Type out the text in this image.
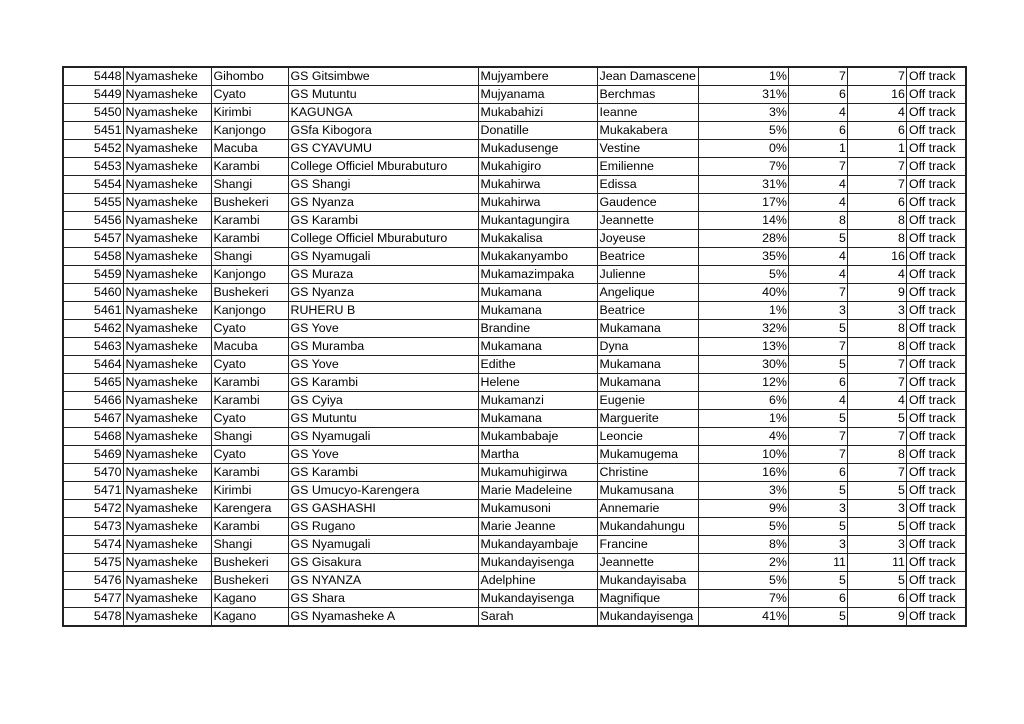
5448	Nyamasheke	Gihombo	GS Gitsimbwe	Mujyambere	Jean Damascene	1%	7	7	Off track
5449	Nyamasheke	Cyato	GS Mutuntu	Mujyanama	Berchmas	31%	6	16	Off track
5450	Nyamasheke	Kirimbi	KAGUNGA	Mukabahizi	Ieanne	3%	4	4	Off track
5451	Nyamasheke	Kanjongo	GSfa Kibogora	Donatille	Mukakabera	5%	6	6	Off track
5452	Nyamasheke	Macuba	GS CYAVUMU	Mukadusenge	Vestine	0%	1	1	Off track
5453	Nyamasheke	Karambi	College Officiel Mburabuturo	Mukahigiro	Emilienne	7%	7	7	Off track
5454	Nyamasheke	Shangi	GS Shangi	Mukahirwa	Edissa	31%	4	7	Off track
5455	Nyamasheke	Bushekeri	GS Nyanza	Mukahirwa	Gaudence	17%	4	6	Off track
5456	Nyamasheke	Karambi	GS Karambi	Mukantagungira	Jeannette	14%	8	8	Off track
5457	Nyamasheke	Karambi	College Officiel Mburabuturo	Mukakalisa	Joyeuse	28%	5	8	Off track
5458	Nyamasheke	Shangi	GS Nyamugali	Mukakanyambo	Beatrice	35%	4	16	Off track
5459	Nyamasheke	Kanjongo	GS Muraza	Mukamazimpaka	Julienne	5%	4	4	Off track
5460	Nyamasheke	Bushekeri	GS Nyanza	Mukamana	Angelique	40%	7	9	Off track
5461	Nyamasheke	Kanjongo	RUHERU B	Mukamana	Beatrice	1%	3	3	Off track
5462	Nyamasheke	Cyato	GS Yove	Brandine	Mukamana	32%	5	8	Off track
5463	Nyamasheke	Macuba	GS Muramba	Mukamana	Dyna	13%	7	8	Off track
5464	Nyamasheke	Cyato	GS Yove	Edithe	Mukamana	30%	5	7	Off track
5465	Nyamasheke	Karambi	GS Karambi	Helene	Mukamana	12%	6	7	Off track
5466	Nyamasheke	Karambi	GS Cyiya	Mukamanzi	Eugenie	6%	4	4	Off track
5467	Nyamasheke	Cyato	GS Mutuntu	Mukamana	Marguerite	1%	5	5	Off track
5468	Nyamasheke	Shangi	GS Nyamugali	Mukambabaje	Leoncie	4%	7	7	Off track
5469	Nyamasheke	Cyato	GS Yove	Martha	Mukamugema	10%	7	8	Off track
5470	Nyamasheke	Karambi	GS Karambi	Mukamuhigirwa	Christine	16%	6	7	Off track
5471	Nyamasheke	Kirimbi	GS Umucyo-Karengera	Marie Madeleine	Mukamusana	3%	5	5	Off track
5472	Nyamasheke	Karengera	GS GASHASHI	Mukamusoni	Annemarie	9%	3	3	Off track
5473	Nyamasheke	Karambi	GS Rugano	Marie Jeanne	Mukandahungu	5%	5	5	Off track
5474	Nyamasheke	Shangi	GS Nyamugali	Mukandayambaje	Francine	8%	3	3	Off track
5475	Nyamasheke	Bushekeri	GS Gisakura	Mukandayisenga	Jeannette	2%	11	11	Off track
5476	Nyamasheke	Bushekeri	GS NYANZA	Adelphine	Mukandayisaba	5%	5	5	Off track
5477	Nyamasheke	Kagano	GS Shara	Mukandayisenga	Magnifique	7%	6	6	Off track
5478	Nyamasheke	Kagano	GS Nyamasheke A	Sarah	Mukandayisenga	41%	5	9	Off track
